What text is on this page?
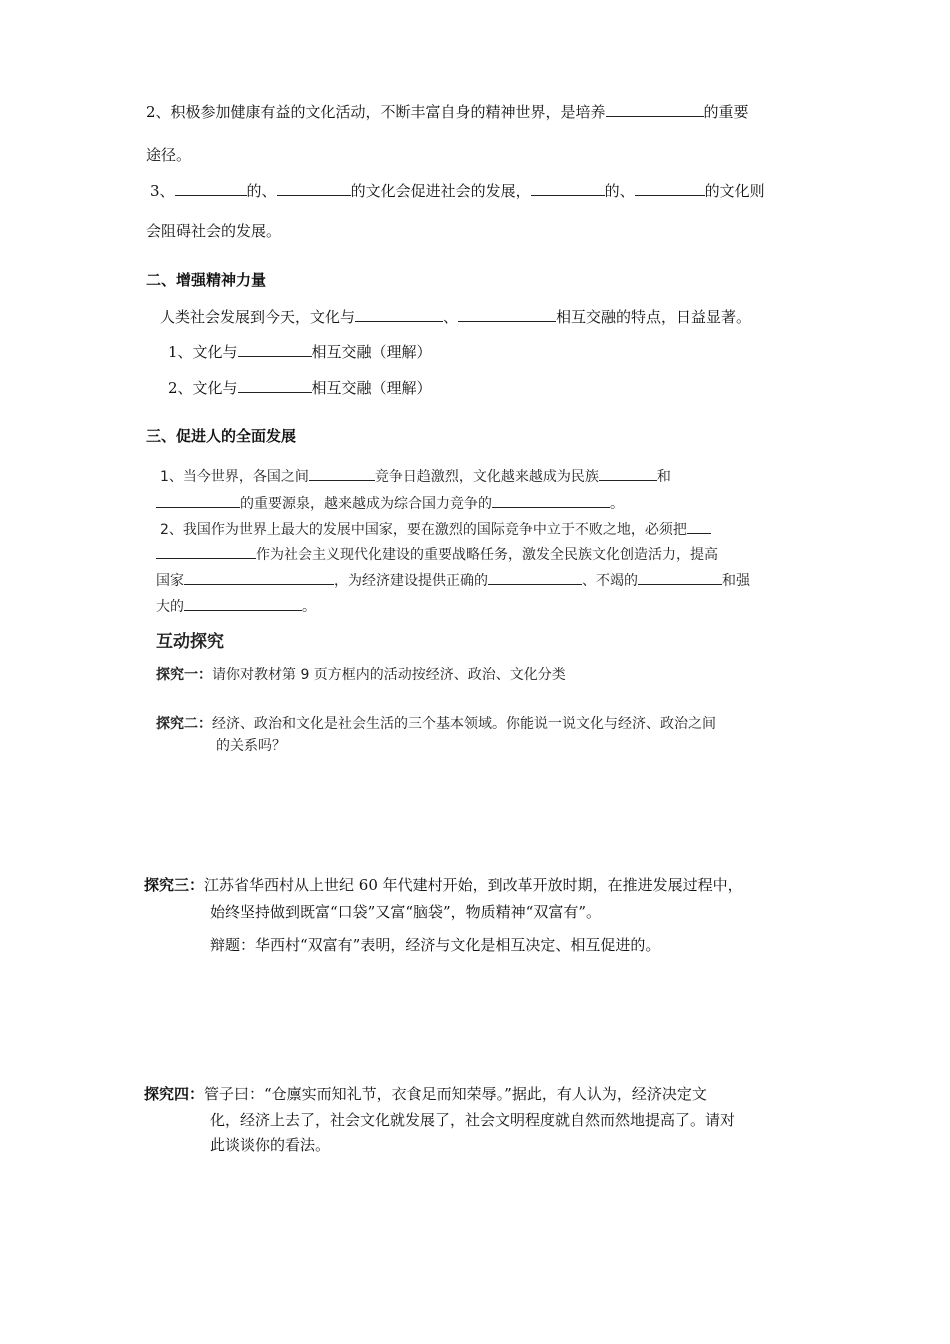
2、积极参加健康有益的文化活动，不断丰富自身的精神世界，是培养	的重要
途径。
3、	的、	的文化会促进社会的发展，	的、	的文化则
会阻碍社会的发展。
二、增强精神力量
人类社会发展到今天，文化与	、	相互交融的特点，日益显著。
1、文化与	相互交融（理解）
2、文化与	相互交融（理解）
三、促进人的全面发展
1、当今世界，各国之间	竞争日趋激烈，文化越来越成为民族	和
的重要源泉，越来越成为综合国力竞争的	。
2、我国作为世界上最大的发展中国家，要在激烈的国际竞争中立于不败之地，必须把
作为社会主义现代化建设的重要战略任务，激发全民族文化创造活力，提高
国家	，为经济建设提供正确的	、不竭的	和强
大的	。
互动探究
探究一：请你对教材第 9 页方框内的活动按经济、政治、文化分类
探究二：经济、政治和文化是社会生活的三个基本领域。你能说一说文化与经济、政治之间
的关系吗？
探究三：江苏省华西村从上世纪 60 年代建村开始，到改革开放时期，在推进发展过程中，
始终坚持做到既富“口袋”又富“脑袋”，物质精神“双富有”。
辩题：华西村“双富有”表明，经济与文化是相互决定、相互促进的。
探究四：管子曰：“仓廪实而知礼节，衣食足而知荣辱。”据此，有人认为，经济决定文
化，经济上去了，社会文化就发展了，社会文明程度就自然而然地提高了。请对
此谈谈你的看法。
